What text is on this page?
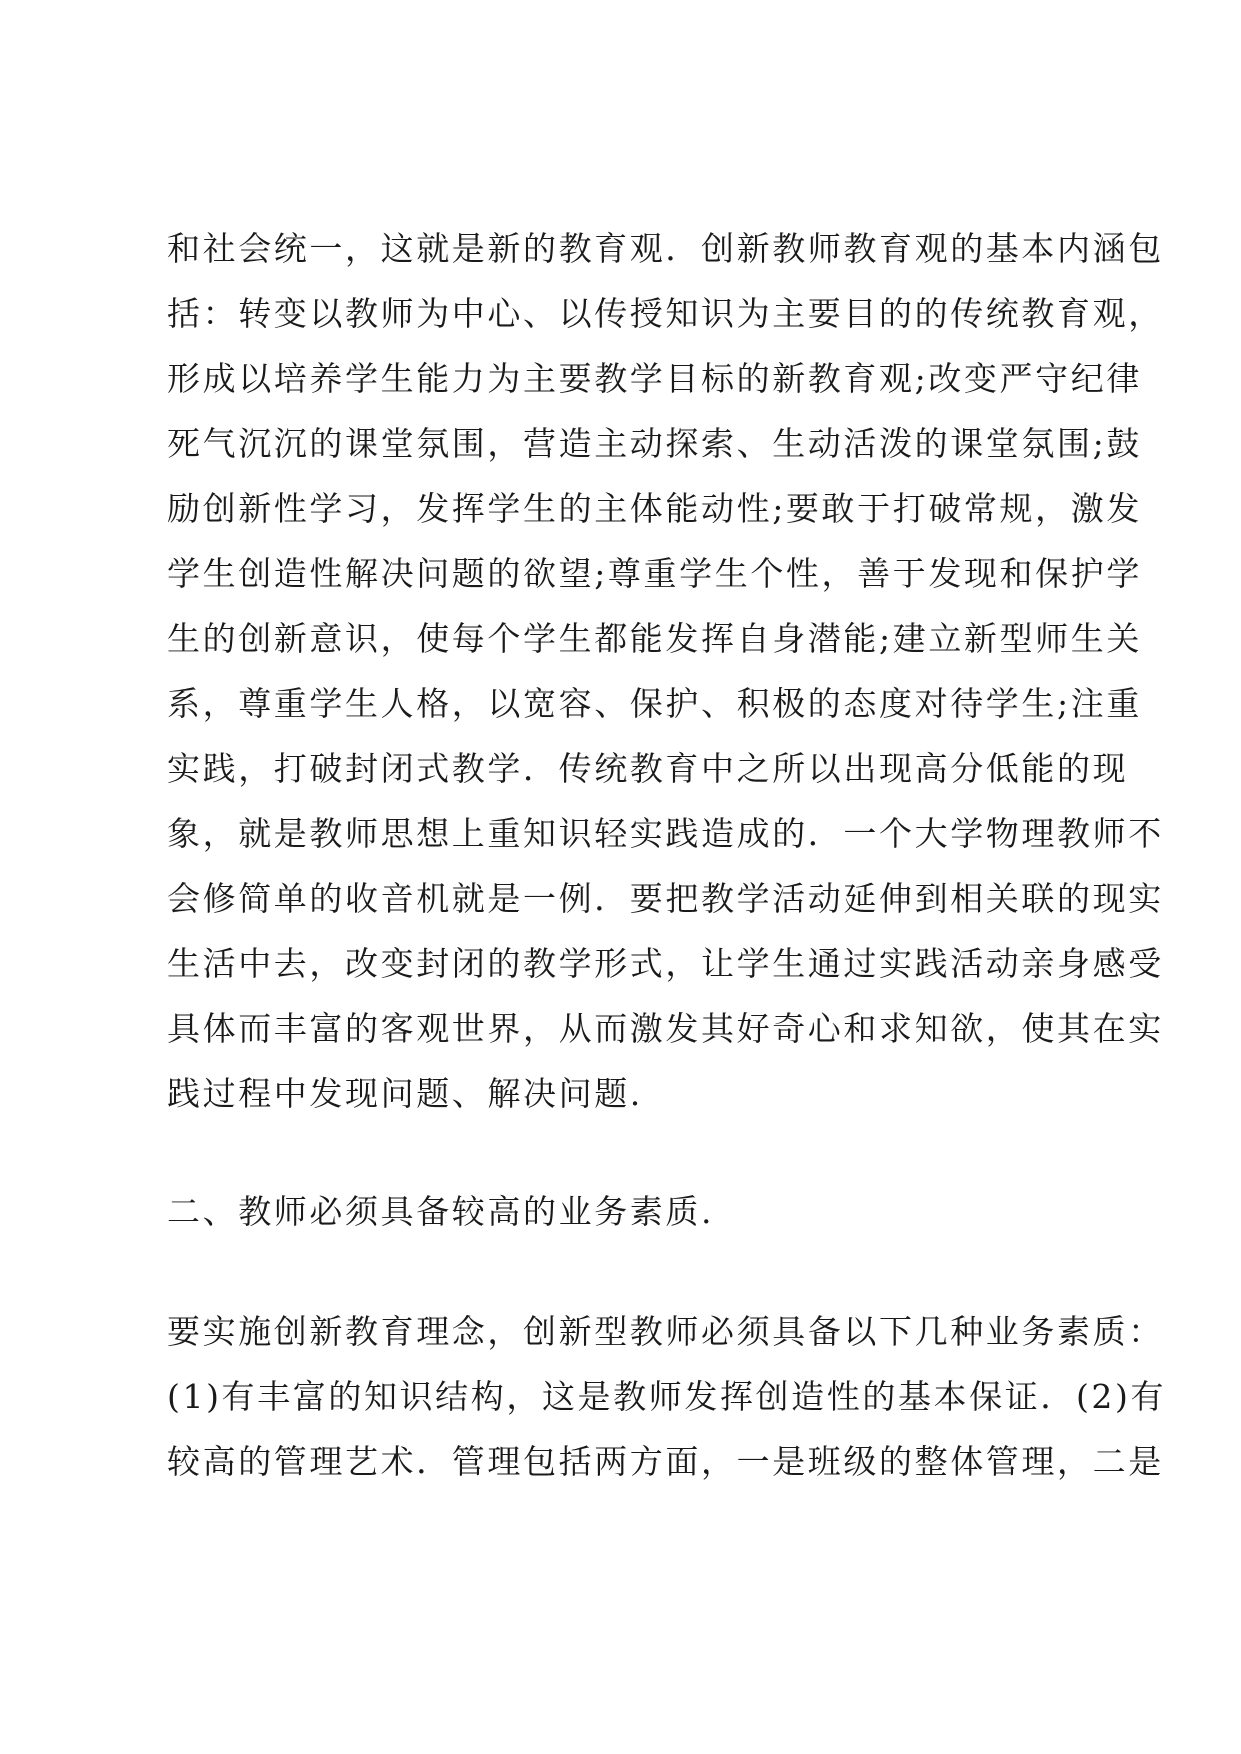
和社会统一，这就是新的教育观．创新教师教育观的基本内涵包
括：转变以教师为中心、以传授知识为主要目的的传统教育观，
形成以培养学生能力为主要教学目标的新教育观;改变严守纪律
死气沉沉的课堂氛围，营造主动探索、生动活泼的课堂氛围;鼓
励创新性学习，发挥学生的主体能动性;要敢于打破常规，激发
学生创造性解决问题的欲望;尊重学生个性，善于发现和保护学
生的创新意识，使每个学生都能发挥自身潜能;建立新型师生关
系，尊重学生人格，以宽容、保护、积极的态度对待学生;注重
实践，打破封闭式教学．传统教育中之所以出现高分低能的现
象，就是教师思想上重知识轻实践造成的．一个大学物理教师不
会修简单的收音机就是一例．要把教学活动延伸到相关联的现实
生活中去，改变封闭的教学形式，让学生通过实践活动亲身感受
具体而丰富的客观世界，从而激发其好奇心和求知欲，使其在实
践过程中发现问题、解决问题.
二、教师必须具备较高的业务素质.
要实施创新教育理念，创新型教师必须具备以下几种业务素质：
(1)有丰富的知识结构，这是教师发挥创造性的基本保证．(2)有
较高的管理艺术．管理包括两方面，一是班级的整体管理，二是
